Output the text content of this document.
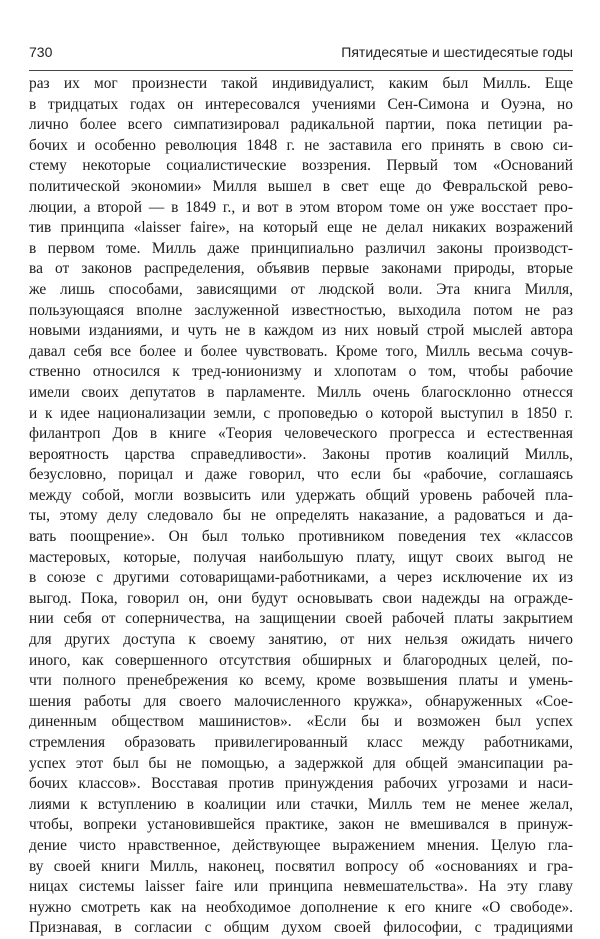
730	Пятидесятые и шестидесятые годы
раз их мог произнести такой индивидуалист, каким был Милль. Еще
в тридцатых годах он интересовался учениями Сен-Симона и Оуэна, но
лично более всего симпатизировал радикальной партии, пока петиции ра-
бочих и особенно революция 1848 г. не заставила его принять в свою си-
стему некоторые социалистические воззрения. Первый том «Оснований
политической экономии» Милля вышел в свет еще до Февральской рево-
люции, а второй — в 1849 г., и вот в этом втором томе он уже восстает про-
тив принципа «laisser faire», на который еще не делал никаких возражений
в первом томе. Милль даже принципиально различил законы производст-
ва от законов распределения, объявив первые законами природы, вторые
же лишь способами, зависящими от людской воли. Эта книга Милля,
пользующаяся вполне заслуженной известностью, выходила потом не раз
новыми изданиями, и чуть не в каждом из них новый строй мыслей автора
давал себя все более и более чувствовать. Кроме того, Милль весьма сочув-
ственно относился к тред-юнионизму и хлопотам о том, чтобы рабочие
имели своих депутатов в парламенте. Милль очень благосклонно отнесся
и к идее национализации земли, с проповедью о которой выступил в 1850 г.
филантроп Дов в книге «Теория человеческого прогресса и естественная
вероятность царства справедливости». Законы против коалиций Милль,
безусловно, порицал и даже говорил, что если бы «рабочие, соглашаясь
между собой, могли возвысить или удержать общий уровень рабочей пла-
ты, этому делу следовало бы не определять наказание, а радоваться и да-
вать поощрение». Он был только противником поведения тех «классов
мастеровых, которые, получая наибольшую плату, ищут своих выгод не
в союзе с другими сотоварищами-работниками, а через исключение их из
выгод. Пока, говорил он, они будут основывать свои надежды на огражде-
нии себя от соперничества, на защищении своей рабочей платы закрытием
для других доступа к своему занятию, от них нельзя ожидать ничего
иного, как совершенного отсутствия обширных и благородных целей, по-
чти полного пренебрежения ко всему, кроме возвышения платы и умень-
шения работы для своего малочисленного кружка», обнаруженных «Сое-
диненным обществом машинистов». «Если бы и возможен был успех
стремления образовать привилегированный класс между работниками,
успех этот был бы не помощью, а задержкой для общей эмансипации ра-
бочих классов». Восставая против принуждения рабочих угрозами и наси-
лиями к вступлению в коалиции или стачки, Милль тем не менее желал,
чтобы, вопреки установившейся практике, закон не вмешивался в принуж-
дение чисто нравственное, действующее выражением мнения. Целую гла-
ву своей книги Милль, наконец, посвятил вопросу об «основаниях и гра-
ницах системы laisser faire или принципа невмешательства». На эту главу
нужно смотреть как на необходимое дополнение к его книге «О свободе».
Признавая, в согласии с общим духом своей философии, с традициями
